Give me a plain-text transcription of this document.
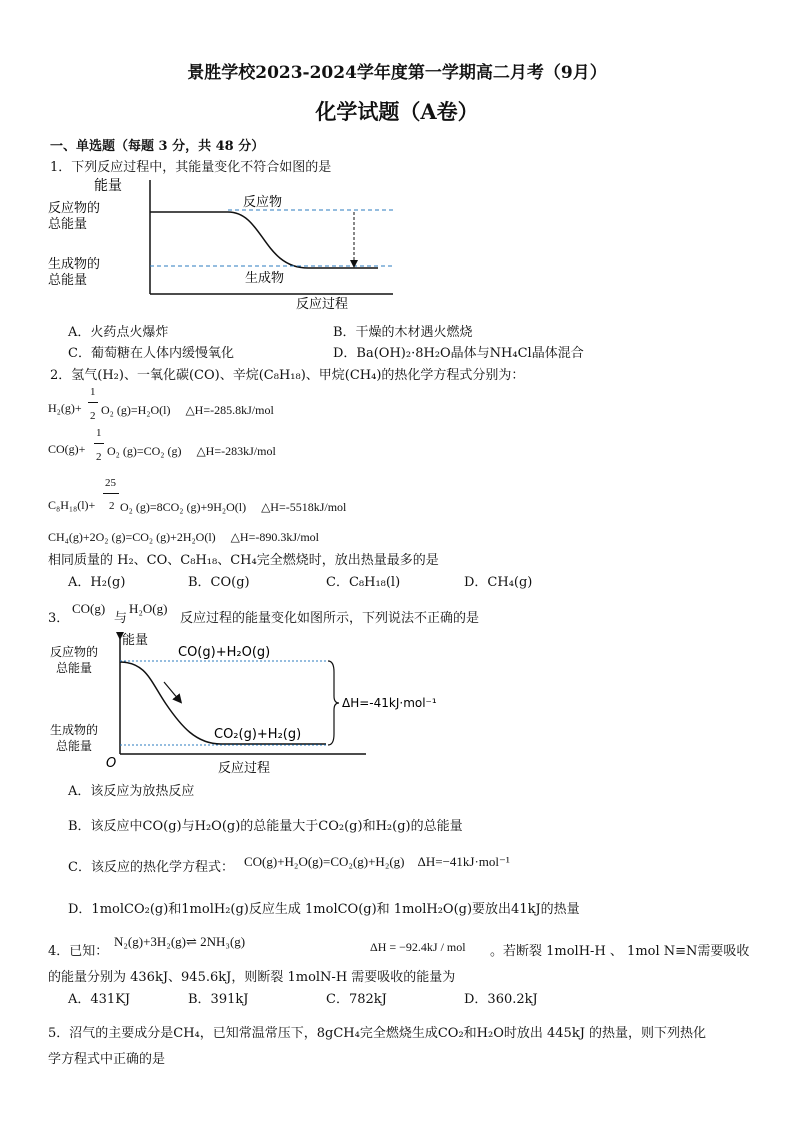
景胜学校2023-2024学年度第一学期高二月考（9月）
化学试题（A卷）
一、单选题（每题 3 分，共 48 分）
1．下列反应过程中，其能量变化不符合如图的是
能量
反应物的
总能量
生成物的
总能量
反应物
生成物
反应过程
A．火药点火爆炸	B．干燥的木材遇火燃烧
C．葡萄糖在人体内缓慢氧化	D．Ba(OH)₂·8H₂O晶体与NH₄Cl晶体混合
2．氢气(H₂)、一氧化碳(CO)、辛烷(C₈H₁₈)、甲烷(CH₄)的热化学方程式分别为：
1
2
H₂(g)+ O₂ (g)=H₂O(l)　 △H=-285.8kJ/mol
1
2
CO(g)+ O₂ (g)=CO₂ (g)　 △H=-283kJ/mol
25
2
C₈H₁₈(l)+ O₂ (g)=8CO₂ (g)+9H₂O(l)　 △H=-5518kJ/mol
CH₄(g)+2O₂ (g)=CO₂ (g)+2H₂O(l)　 △H=-890.3kJ/mol
相同质量的 H₂、CO、C₈H₁₈、CH₄完全燃烧时，放出热量最多的是
A．H₂(g)	B．CO(g)	C．C₈H₁₈(l)	D．CH₄(g)
3．
CO(g)
与
H₂O(g)
反应过程的能量变化如图所示，下列说法不正确的是
能量
反应物的
总能量
生成物的
总能量
CO(g)+H₂O(g)
CO₂(g)+H₂(g)
ΔH=-41kJ·mol⁻¹
O	反应过程
A．该反应为放热反应
B．该反应中CO(g)与H₂O(g)的总能量大于CO₂(g)和H₂(g)的总能量
C．该反应的热化学方程式： CO(g)+H₂O(g)=CO₂(g)+H₂(g)　ΔH=−41kJ·mol⁻¹
D．1molCO₂(g)和1molH₂(g)反应生成 1molCO(g)和 1molH₂O(g)要放出41kJ的热量
4．已知：
N₂(g)+3H₂(g)⇌ 2NH₃(g)	ΔH = −92.4kJ / mol 。若断裂 1molH-H 、 1mol N≡N需要吸收
的能量分别为 436kJ、945.6kJ，则断裂 1molN-H 需要吸收的能量为
A．431KJ	B．391kJ	C．782kJ	D．360.2kJ
5．沼气的主要成分是CH₄，已知常温常压下，8gCH₄完全燃烧生成CO₂和H₂O时放出 445kJ 的热量，则下列热化
学方程式中正确的是
